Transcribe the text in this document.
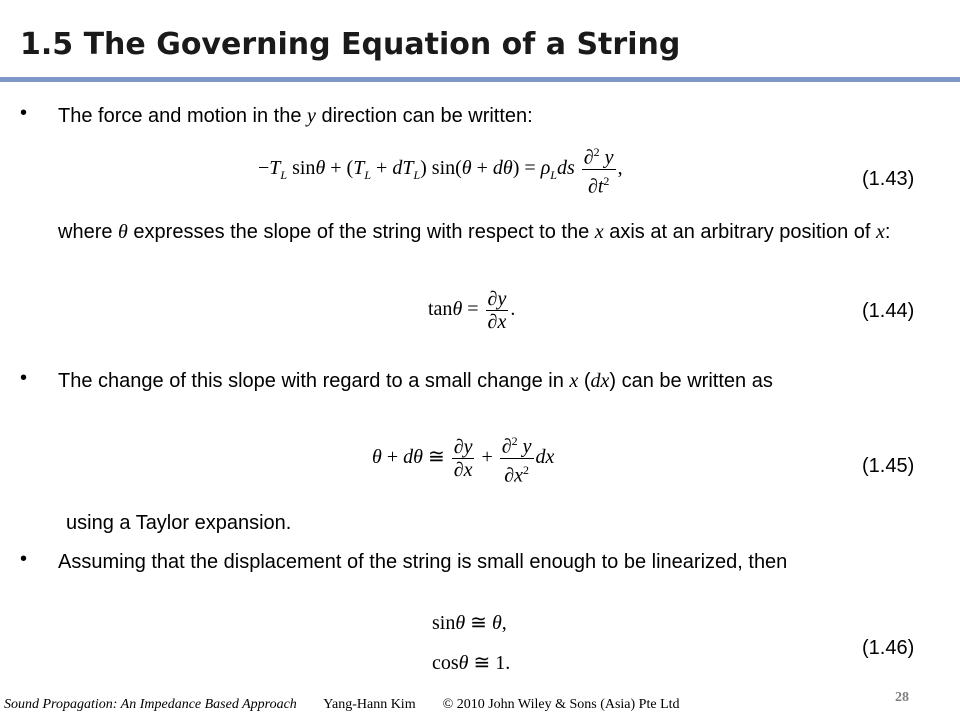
1.5 The Governing Equation of a String
• The force and motion in the y direction can be written:
$-T_L$ $\sin\theta + (T_L + dT_L) \sin(\theta + d\theta) = \rho_Lds \frac{\partial^2 y}{\partial t^2}$ ,
(1.43)
where θ expresses the slope of the string with respect to the x axis at an arbitrary position of x:
$\tan\theta = \frac{\partial y}{\partial x}$ .	(1.44)
• The change of this slope with regard to a small change in x (dx) can be written as
θ + dθ ≅ $\frac{\partial y}{\partial x} + \frac{\partial^2 y}{\partial x^2}$ dx	(1.45)
using a Taylor expansion.
• Assuming that the displacement of the string is small enough to be linearized, then
sinθ ≅ θ,
cosθ ≅ 1.
(1.46)
Sound Propagation: An Impedance Based Approach Yang-Hann Kim © 2010 John Wiley & Sons (Asia) Pte Ltd	28
